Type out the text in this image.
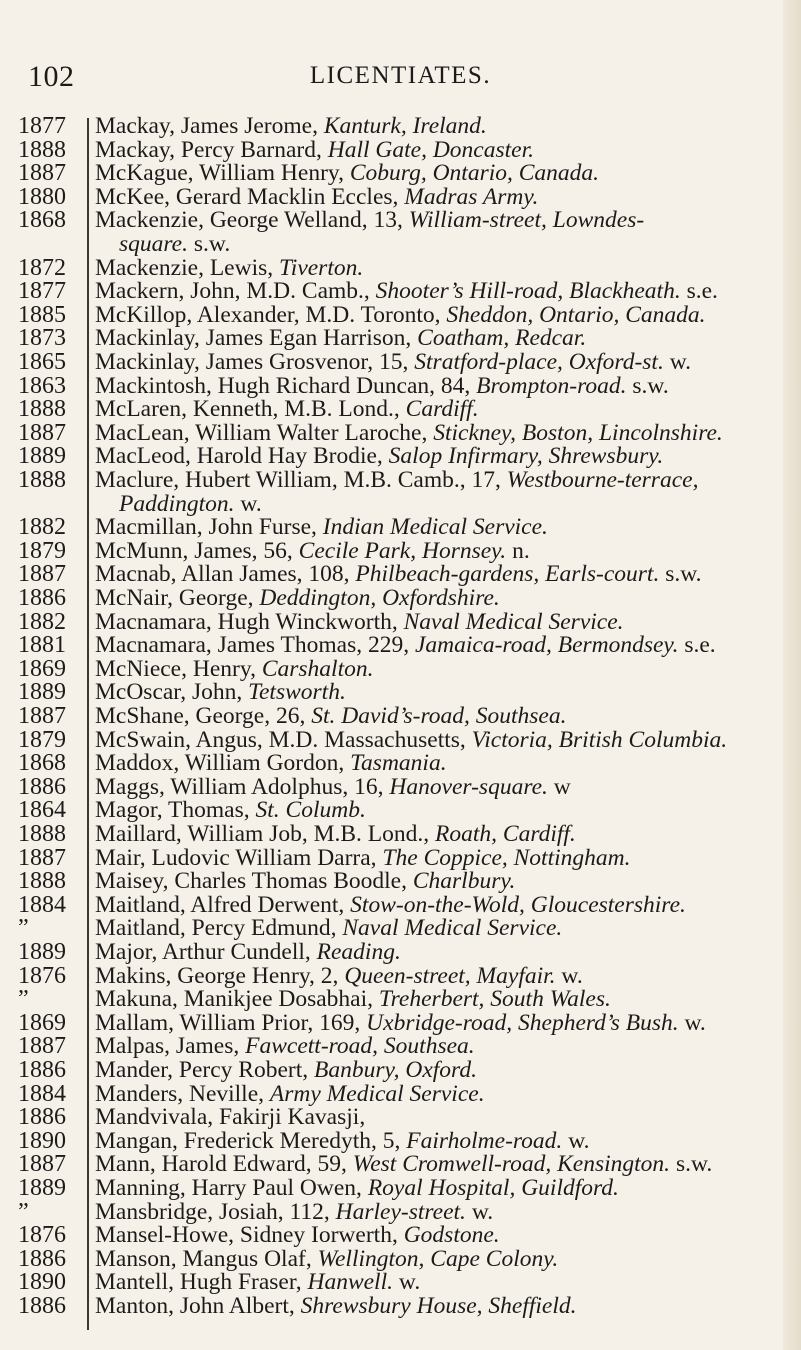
102	LICENTIATES.
1877
1888
1887
1880
1868
1872
1877
1885
1873
1865
1863
1888
1887
1889
1888
1882
1879
1887
1886
1882
1881
1869
1889
1887
1879
1868
1886
1864
1888
1887
1888
1884
”
1889
1876
”
1869
1887
1886
1884
1886
1890
1887
1889
”
1876
1886
1890
1886
Mackay, James Jerome, Kanturk, Ireland.
Mackay, Percy Barnard, Hall Gate, Doncaster.
McKague, William Henry, Coburg, Ontario, Canada.
McKee, Gerard Macklin Eccles, Madras Army.
Mackenzie, George Welland, 13, William-street, Lowndes-
square. s.w.
Mackenzie, Lewis, Tiverton.
Mackern, John, M.D. Camb., Shooter’s Hill-road, Blackheath. s.e.
McKillop, Alexander, M.D. Toronto, Sheddon, Ontario, Canada.
Mackinlay, James Egan Harrison, Coatham, Redcar.
Mackinlay, James Grosvenor, 15, Stratford-place, Oxford-st. w.
Mackintosh, Hugh Richard Duncan, 84, Brompton-road. s.w.
McLaren, Kenneth, M.B. Lond., Cardiff.
MacLean, William Walter Laroche, Stickney, Boston, Lincolnshire.
MacLeod, Harold Hay Brodie, Salop Infirmary, Shrewsbury.
Maclure, Hubert William, M.B. Camb., 17, Westbourne-terrace,
Paddington. w.
Macmillan, John Furse, Indian Medical Service.
McMunn, James, 56, Cecile Park, Hornsey. n.
Macnab, Allan James, 108, Philbeach-gardens, Earls-court. s.w.
McNair, George, Deddington, Oxfordshire.
Macnamara, Hugh Winckworth, Naval Medical Service.
Macnamara, James Thomas, 229, Jamaica-road, Bermondsey. s.e.
McNiece, Henry, Carshalton.
McOscar, John, Tetsworth.
McShane, George, 26, St. David’s-road, Southsea.
McSwain, Angus, M.D. Massachusetts, Victoria, British Columbia.
Maddox, William Gordon, Tasmania.
Maggs, William Adolphus, 16, Hanover-square. w
Magor, Thomas, St. Columb.
Maillard, William Job, M.B. Lond., Roath, Cardiff.
Mair, Ludovic William Darra, The Coppice, Nottingham.
Maisey, Charles Thomas Boodle, Charlbury.
Maitland, Alfred Derwent, Stow-on-the-Wold, Gloucestershire.
Maitland, Percy Edmund, Naval Medical Service.
Major, Arthur Cundell, Reading.
Makins, George Henry, 2, Queen-street, Mayfair. w.
Makuna, Manikjee Dosabhai, Treherbert, South Wales.
Mallam, William Prior, 169, Uxbridge-road, Shepherd’s Bush. w.
Malpas, James, Fawcett-road, Southsea.
Mander, Percy Robert, Banbury, Oxford.
Manders, Neville, Army Medical Service.
Mandvivala, Fakirji Kavasji,
Mangan, Frederick Meredyth, 5, Fairholme-road. w.
Mann, Harold Edward, 59, West Cromwell-road, Kensington. s.w.
Manning, Harry Paul Owen, Royal Hospital, Guildford.
Mansbridge, Josiah, 112, Harley-street. w.
Mansel-Howe, Sidney Iorwerth, Godstone.
Manson, Mangus Olaf, Wellington, Cape Colony.
Mantell, Hugh Fraser, Hanwell. w.
Manton, John Albert, Shrewsbury House, Sheffield.
